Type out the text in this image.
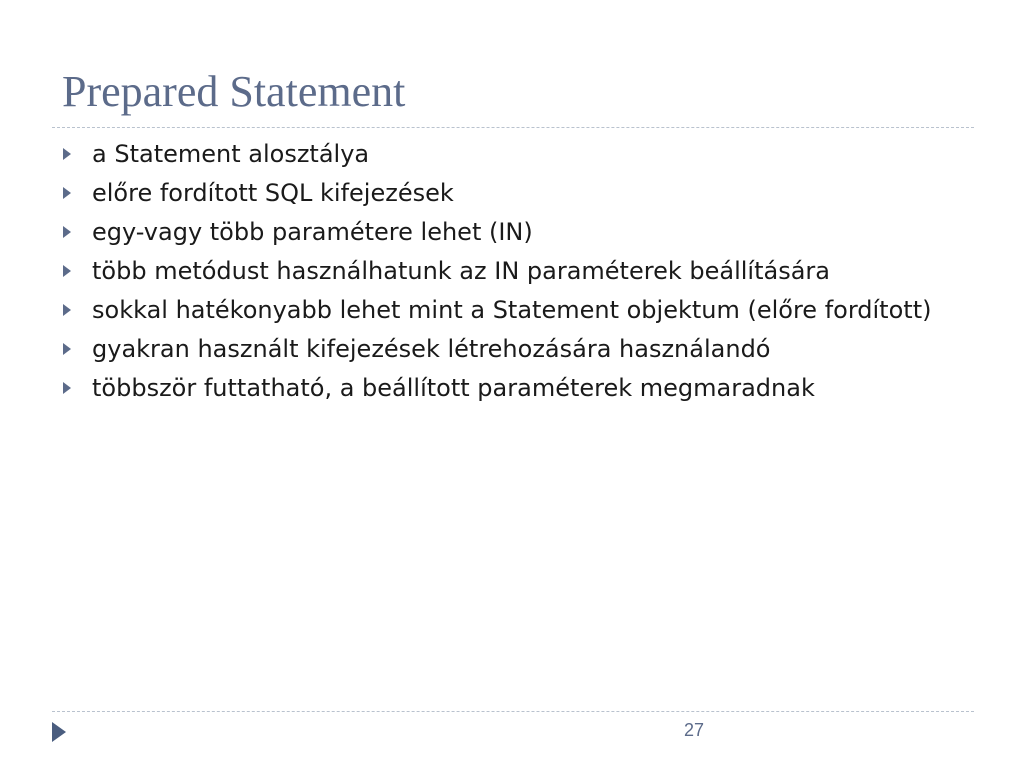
Prepared Statement
a Statement alosztálya
előre fordított SQL kifejezések
egy-vagy több paramétere lehet (IN)
több metódust használhatunk az IN paraméterek beállítására
sokkal hatékonyabb lehet mint a Statement objektum (előre fordított)
gyakran használt kifejezések létrehozására használandó
többször futtatható, a beállított paraméterek megmaradnak
27
